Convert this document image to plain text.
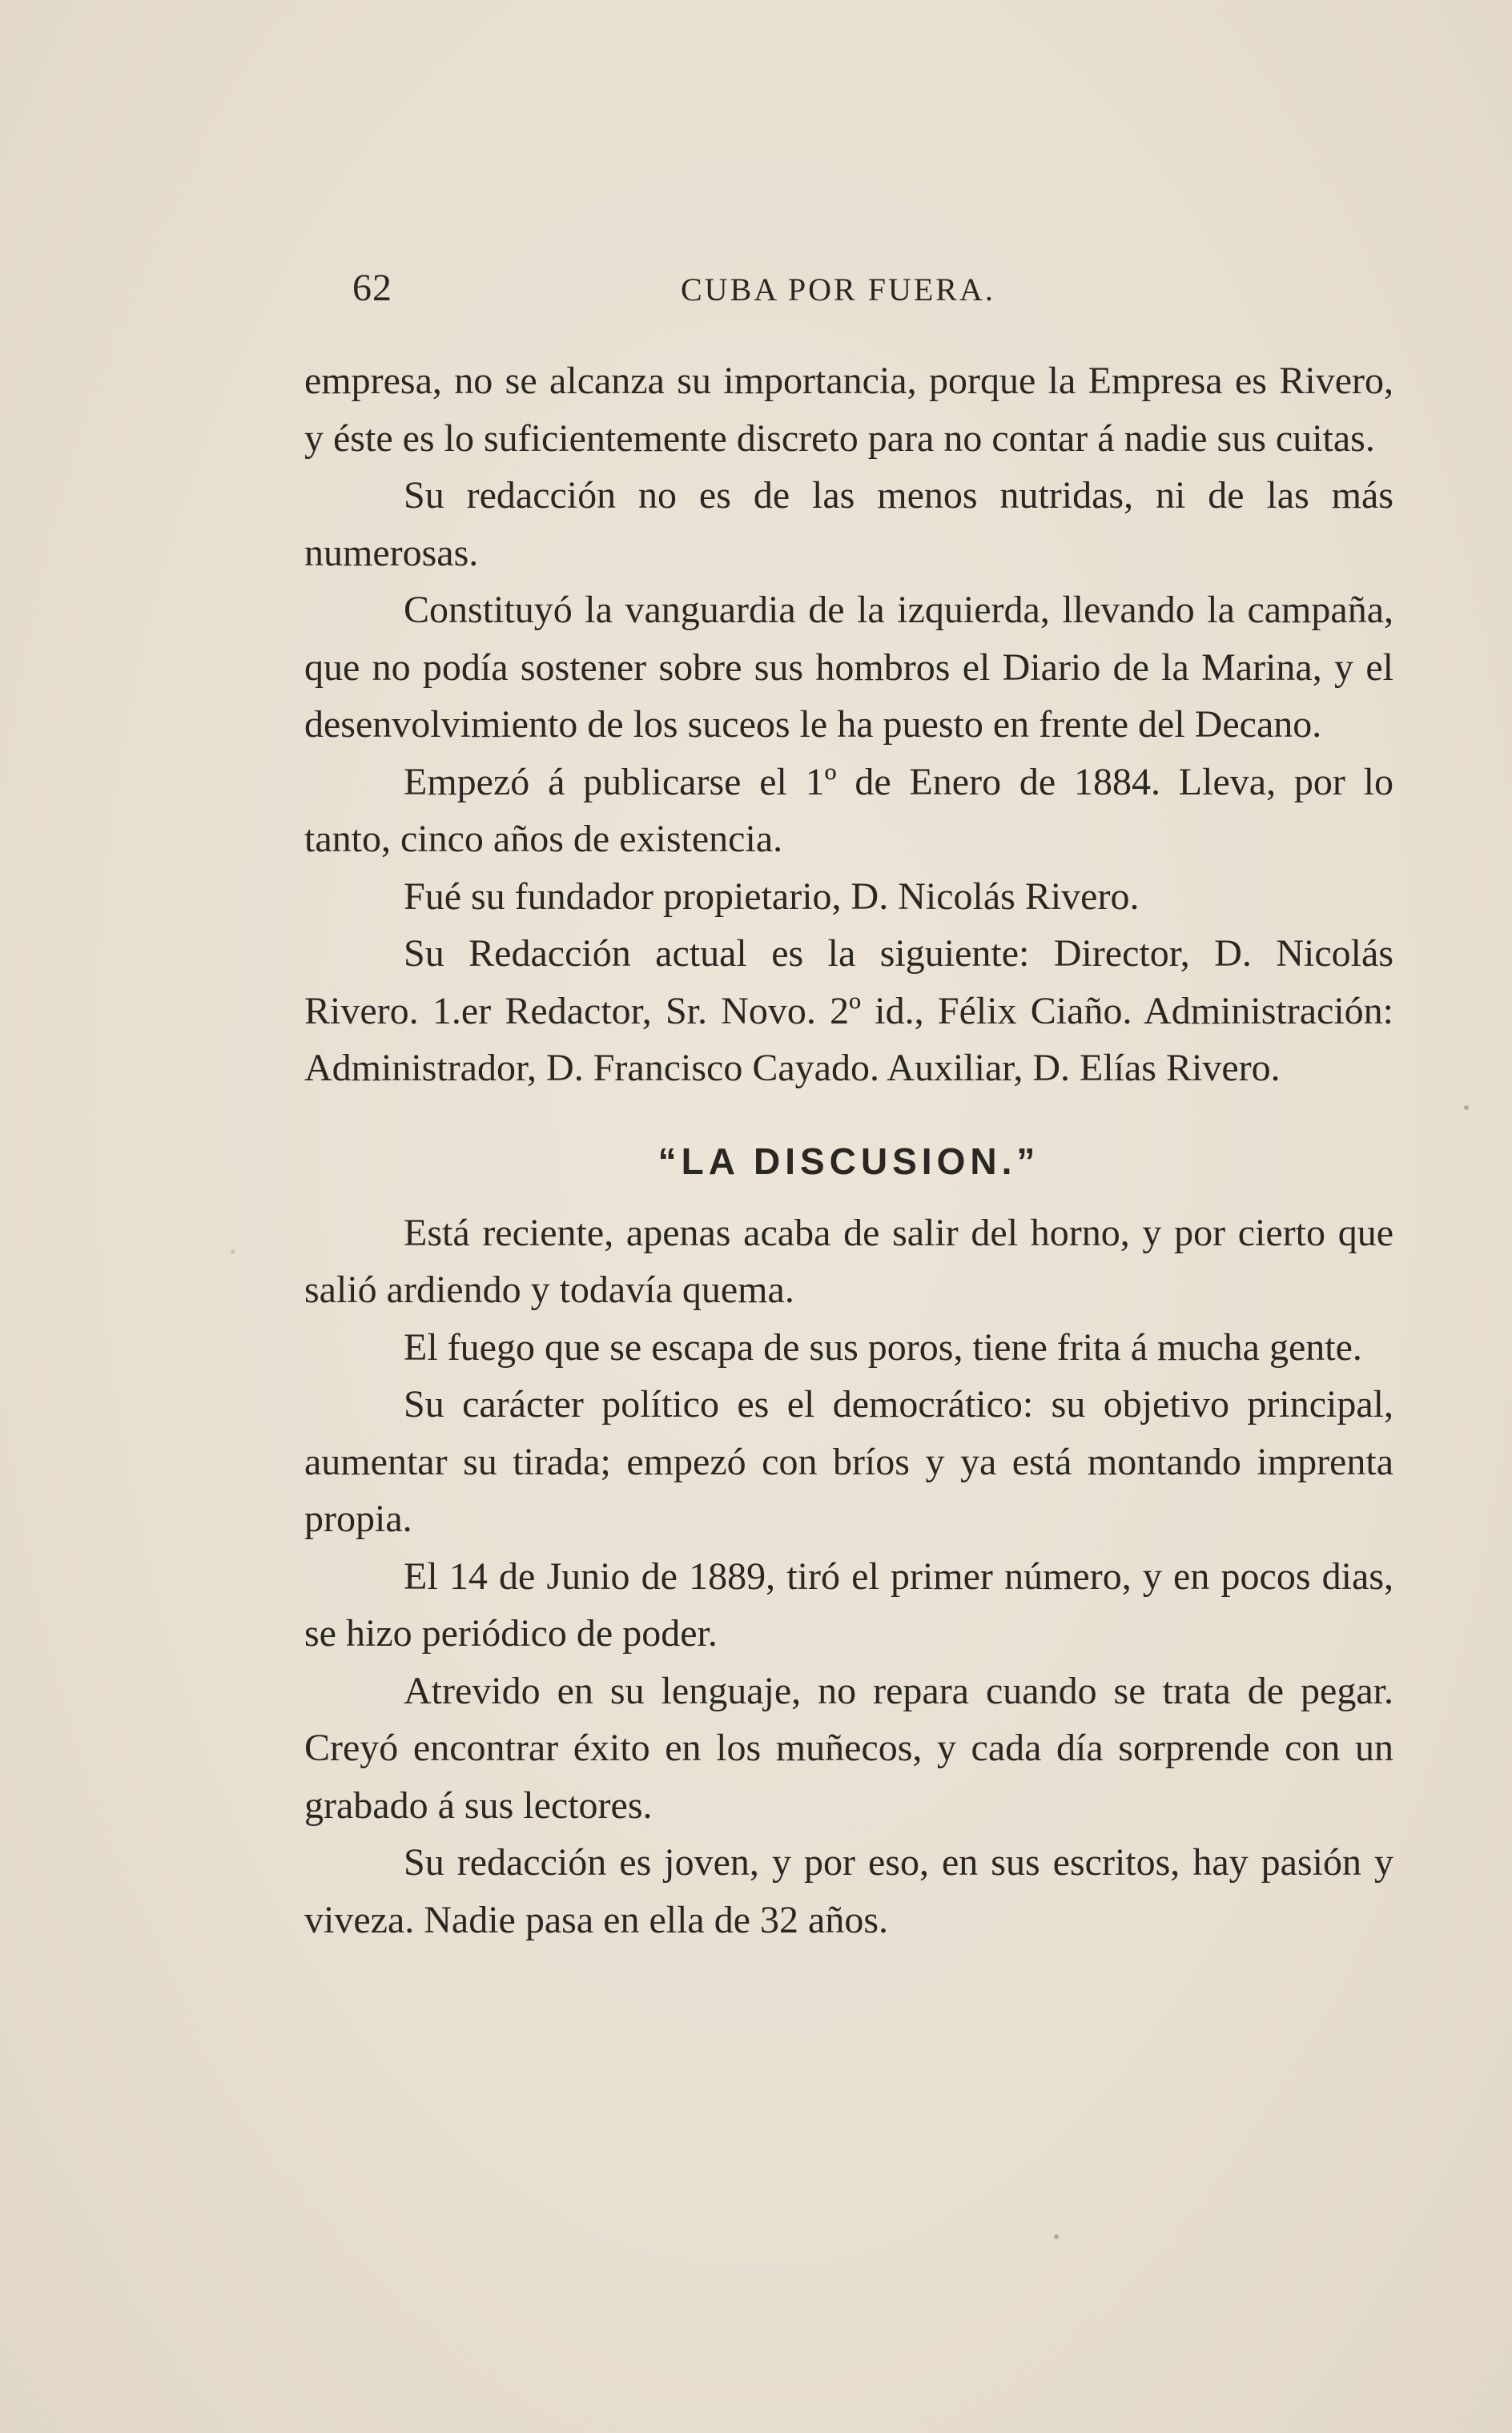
62	CUBA POR FUERA.

empresa, no se alcanza su importancia, porque la Empresa es Rivero, y éste es lo suficientemente discreto para no contar á nadie sus cuitas.

Su redacción no es de las menos nutridas, ni de las más numerosas.

Constituyó la vanguardia de la izquierda, llevando la campaña, que no podía sostener sobre sus hombros el Diario de la Marina, y el desenvolvimiento de los suceos le ha puesto en frente del Decano.

Empezó á publicarse el 1º de Enero de 1884. Lleva, por lo tanto, cinco años de existencia.

Fué su fundador propietario, D. Nicolás Rivero.

Su Redacción actual es la siguiente: Director, D. Nicolás Rivero. 1.er Redactor, Sr. Novo. 2º id., Félix Ciaño. Administración: Administrador, D. Francisco Cayado. Auxiliar, D. Elías Rivero.

“LA DISCUSION.”

Está reciente, apenas acaba de salir del horno, y por cierto que salió ardiendo y todavía quema.

El fuego que se escapa de sus poros, tiene frita á mucha gente.

Su carácter político es el democrático: su objetivo principal, aumentar su tirada; empezó con bríos y ya está montando imprenta propia.

El 14 de Junio de 1889, tiró el primer número, y en pocos dias, se hizo periódico de poder.

Atrevido en su lenguaje, no repara cuando se trata de pegar. Creyó encontrar éxito en los muñecos, y cada día sorprende con un grabado á sus lectores.

Su redacción es joven, y por eso, en sus escritos, hay pasión y viveza. Nadie pasa en ella de 32 años.
